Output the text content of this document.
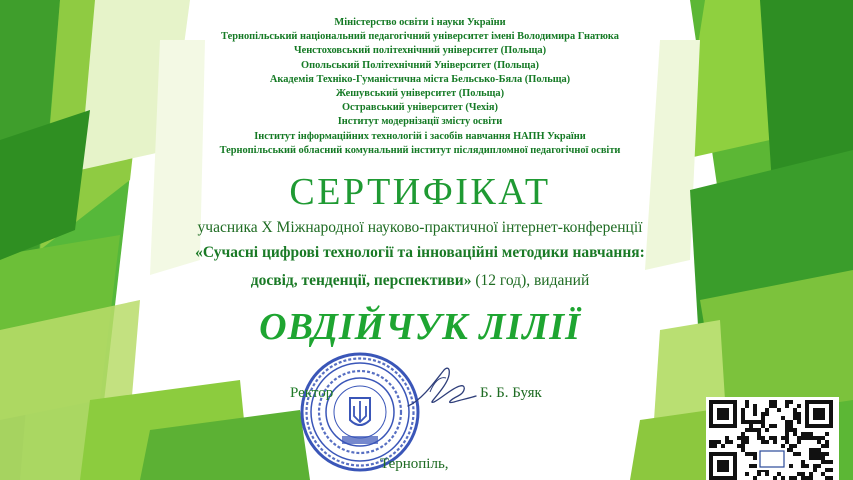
Міністерство освіти і науки України
Тернопільський національний педагогічний університет імені Володимира Гнатюка
Ченстоховський політехнічний університет (Польща)
Опольський Політехнічний Університет (Польща)
Академія Техніко-Гуманістична міста Бельсько-Бяла (Польща)
Жешувський університет (Польща)
Остравський університет (Чехія)
Інститут модернізації змісту освіти
Інститут інформаційних технологій і засобів навчання НАПН України
Тернопільський обласний комунальний інститут післядипломної педагогічної освіти
СЕРТИФІКАТ
учасника X Міжнародної науково-практичної інтернет-конференції
«Сучасні цифрові технології та інноваційні методики навчання:
досвід, тенденції, перспективи» (12 год), виданий
ОВДІЙЧУК ЛІЛІЇ
Ректор	Б. Б. Буяк
Тернопіль,
